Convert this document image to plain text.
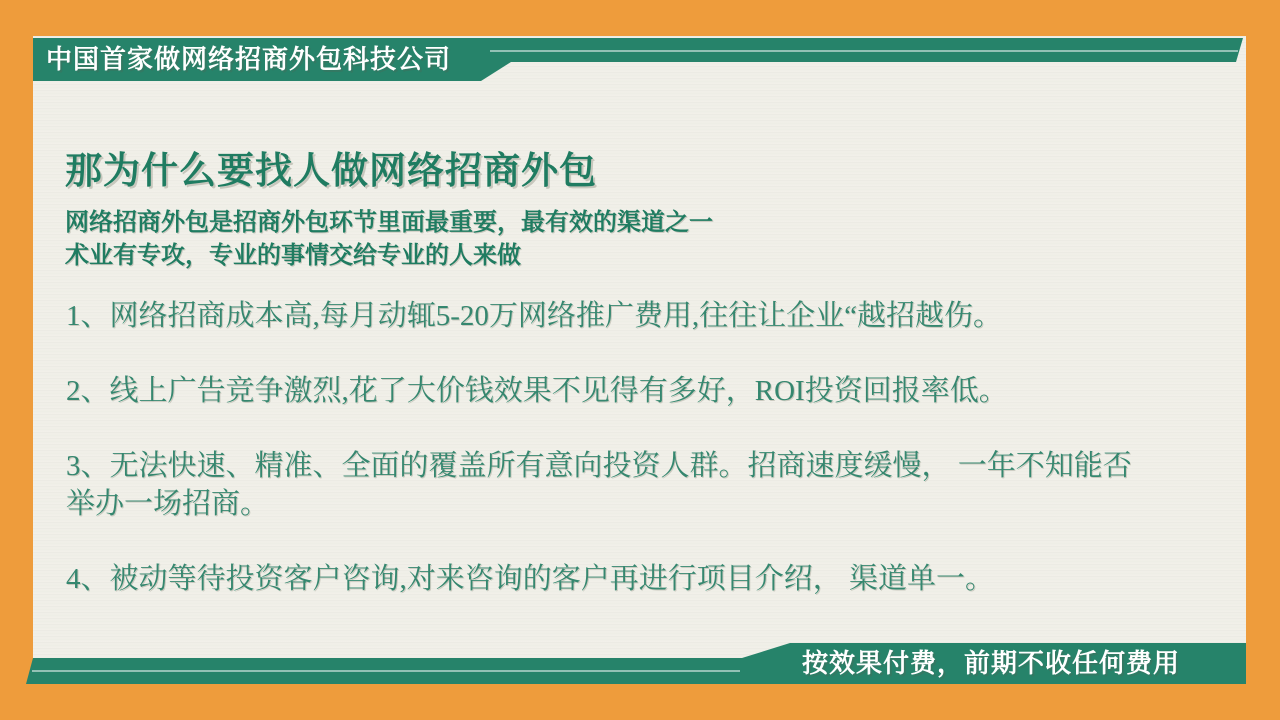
中国首家做网络招商外包科技公司
那为什么要找人做网络招商外包
网络招商外包是招商外包环节里面最重要，最有效的渠道之一
术业有专攻，专业的事情交给专业的人来做

1、网络招商成本高,每月动辄5-20万网络推广费用,往往让企业“越招越伤。

2、线上广告竞争激烈,花了大价钱效果不见得有多好，ROI投资回报率低。

3、无法快速、精准、全面的覆盖所有意向投资人群。招商速度缓慢， 一年不知能否举办一场招商。

4、被动等待投资客户咨询,对来咨询的客户再进行项目介绍， 渠道单一。

按效果付费，前期不收任何费用
